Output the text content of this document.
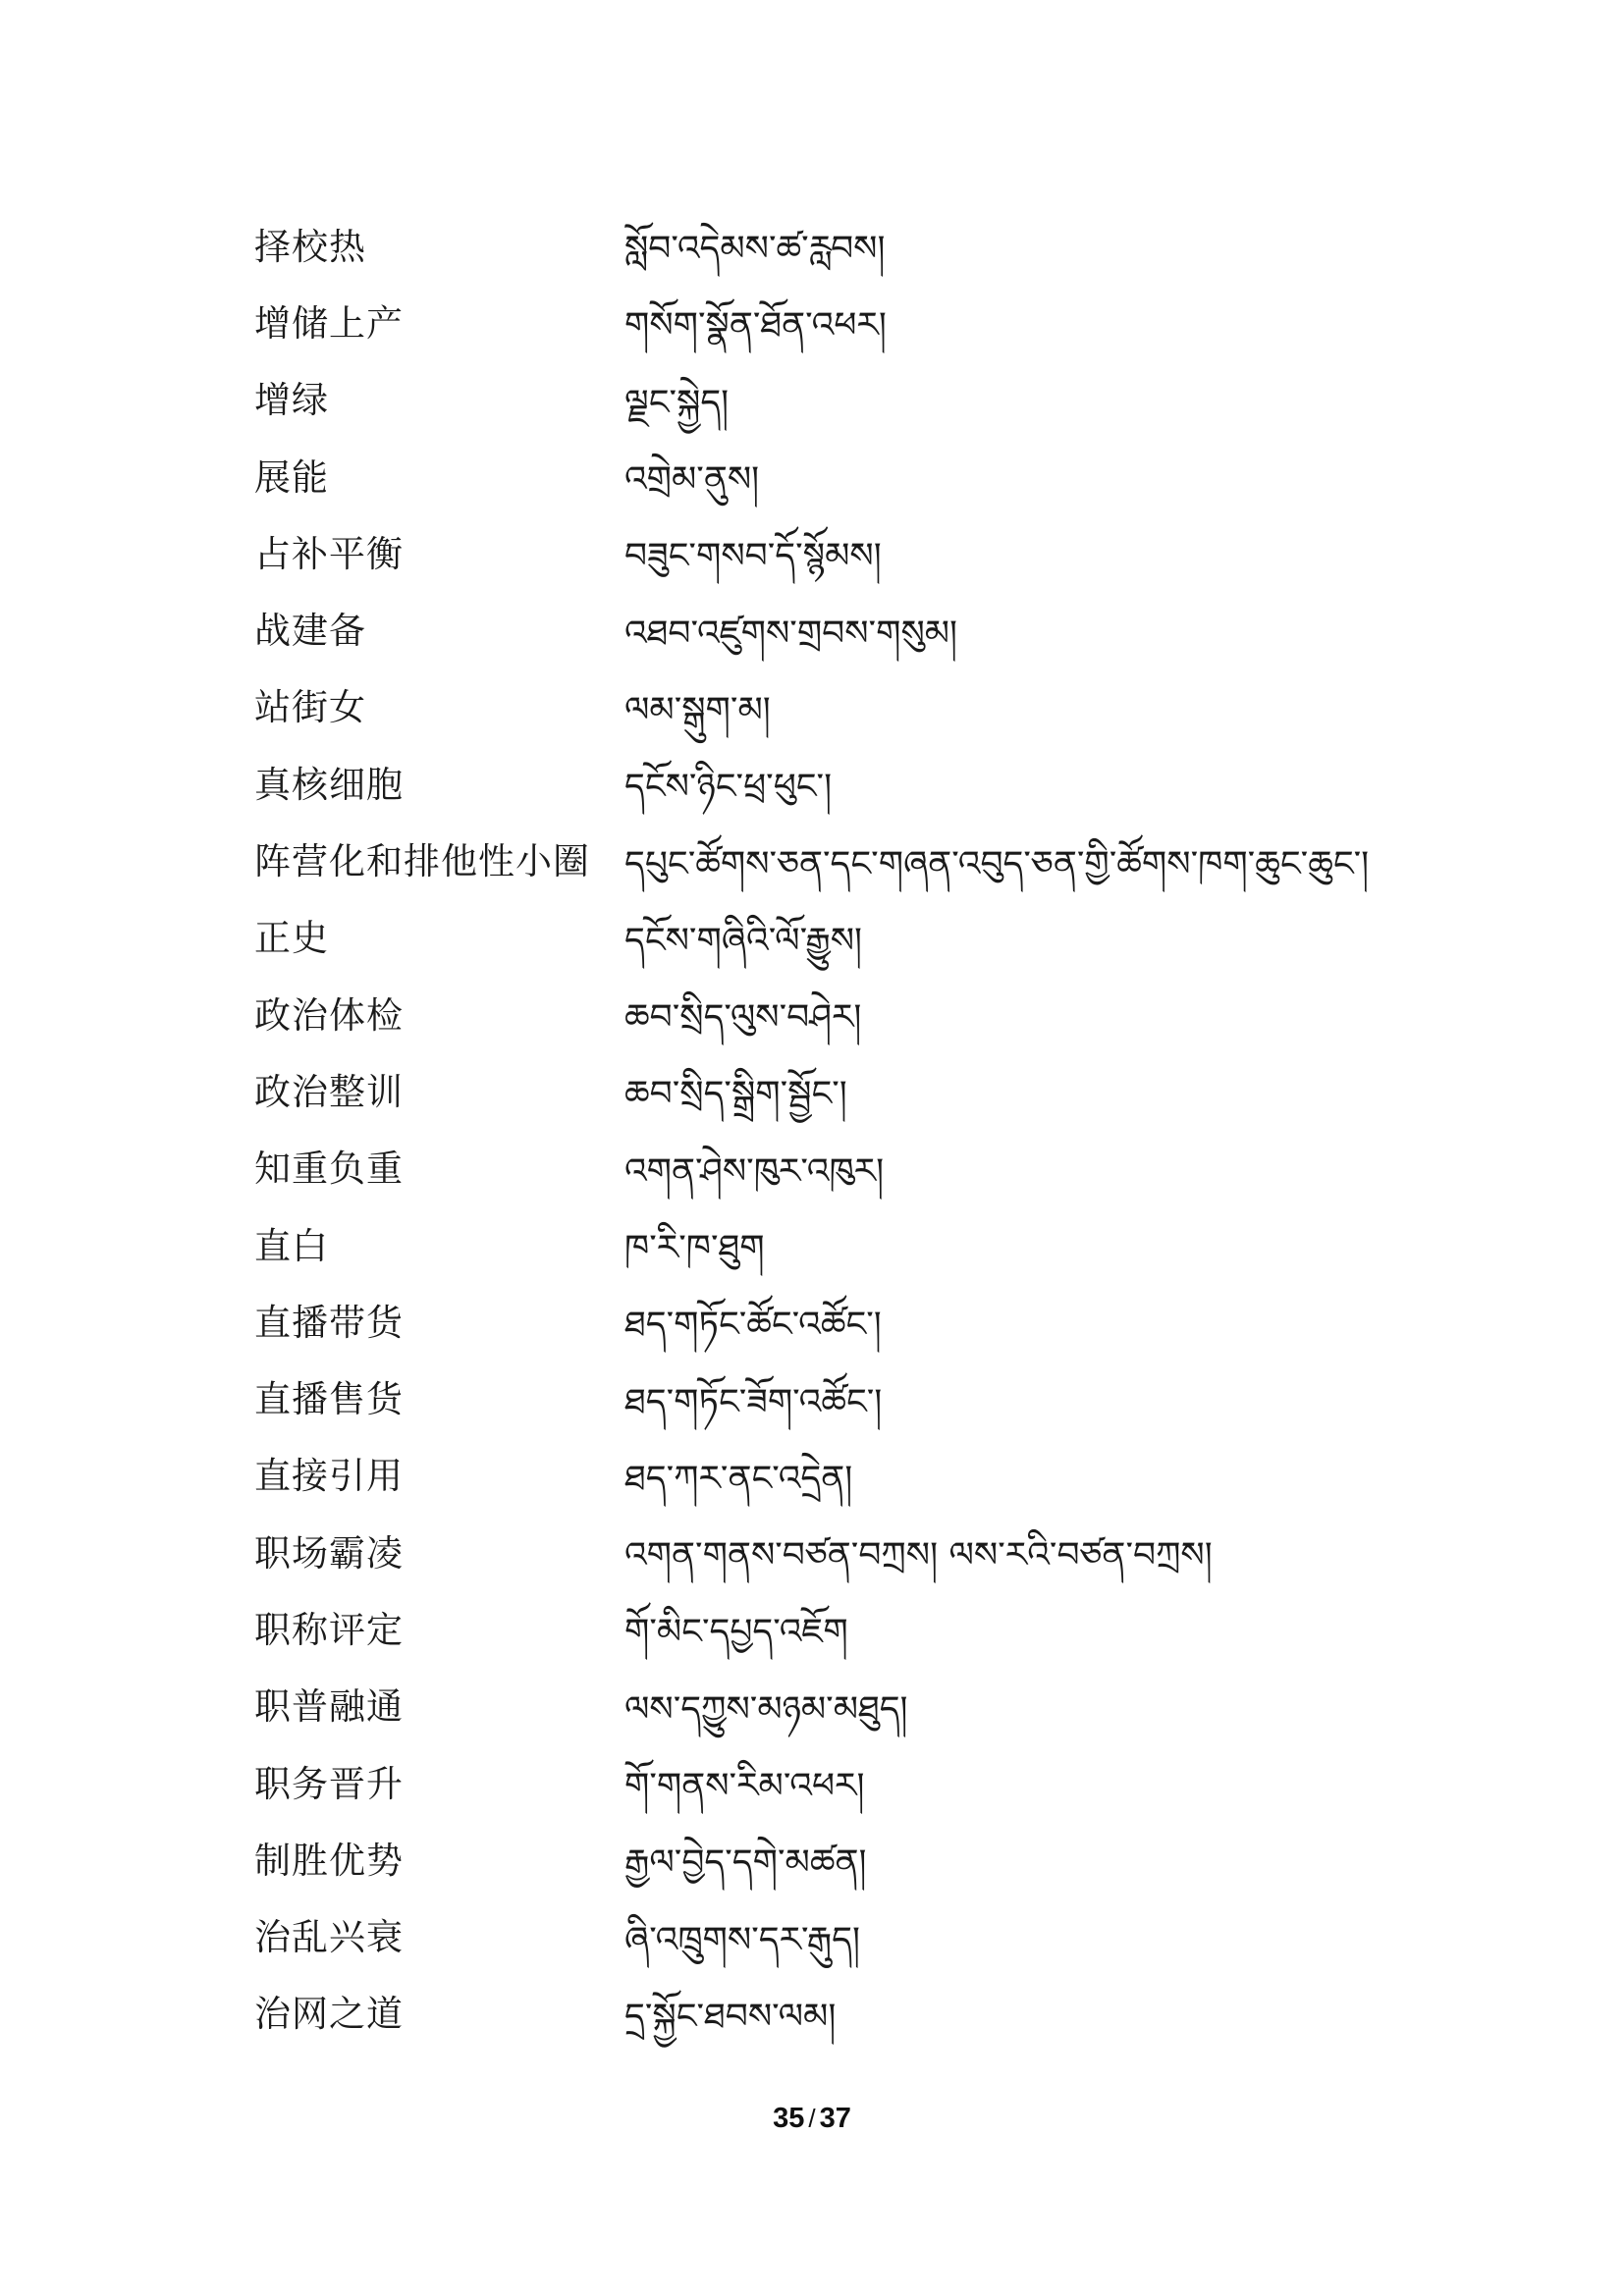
择校热	སློབ་འདེམས་ཚ་རླབས།
增储上产	གསོག་སྣོན་ཐོན་འཕར།
增绿	ལྗང་སྐྱེད།
展能	འགྲེམ་ནུས།
占补平衡	བཟུང་གསབ་དོ་སྙོམས།
战建备	འཐབ་འཛུགས་གྲབས་གསུམ།
站街女	ལམ་སྒུག་མ།
真核细胞	དངོས་ཉིང་ཕྲ་ཕུང་།
阵营化和排他性小圈 དཔུང་ཚོགས་ཅན་དང་གཞན་འབུད་ཅན་གྱི་ཚོགས་ཁག་ཆུང་ཆུང་།
正史	དངོས་གཞིའི་ལོ་རྒྱུས།
政治体检	ཆབ་སྲིད་ལུས་བཤེར།
政治整训	ཆབ་སྲིད་སྒྲིག་སྦྱོང་།
知重负重	འགན་ཤེས་ཁུར་འཁུར།
直白	ཁ་རི་ཁ་ཐུག
直播带货	ཐད་གཏོང་ཚོང་འཚོང་།
直播售货	ཐད་གཏོང་ཟོག་འཚོང་།
直接引用	ཐད་ཀར་ནང་འདྲེན།
职场霸凌	འགན་གནས་བཙན་བཀྲས། ལས་རའི་བཙན་བཀྲས།
职称评定	གོ་མིང་དཔྱད་འཇོག
职普融通	ལས་དཀྱུས་མཉམ་མཐུད།
职务晋升	གོ་གནས་རིམ་འཕར།
制胜优势	རྒྱལ་བྱེད་དགེ་མཚན།
治乱兴衰	ཞི་འཁྲུགས་དར་རྒུད།
治网之道	དྲ་སྐྱོང་ཐབས་ལམ།
35 / 37
